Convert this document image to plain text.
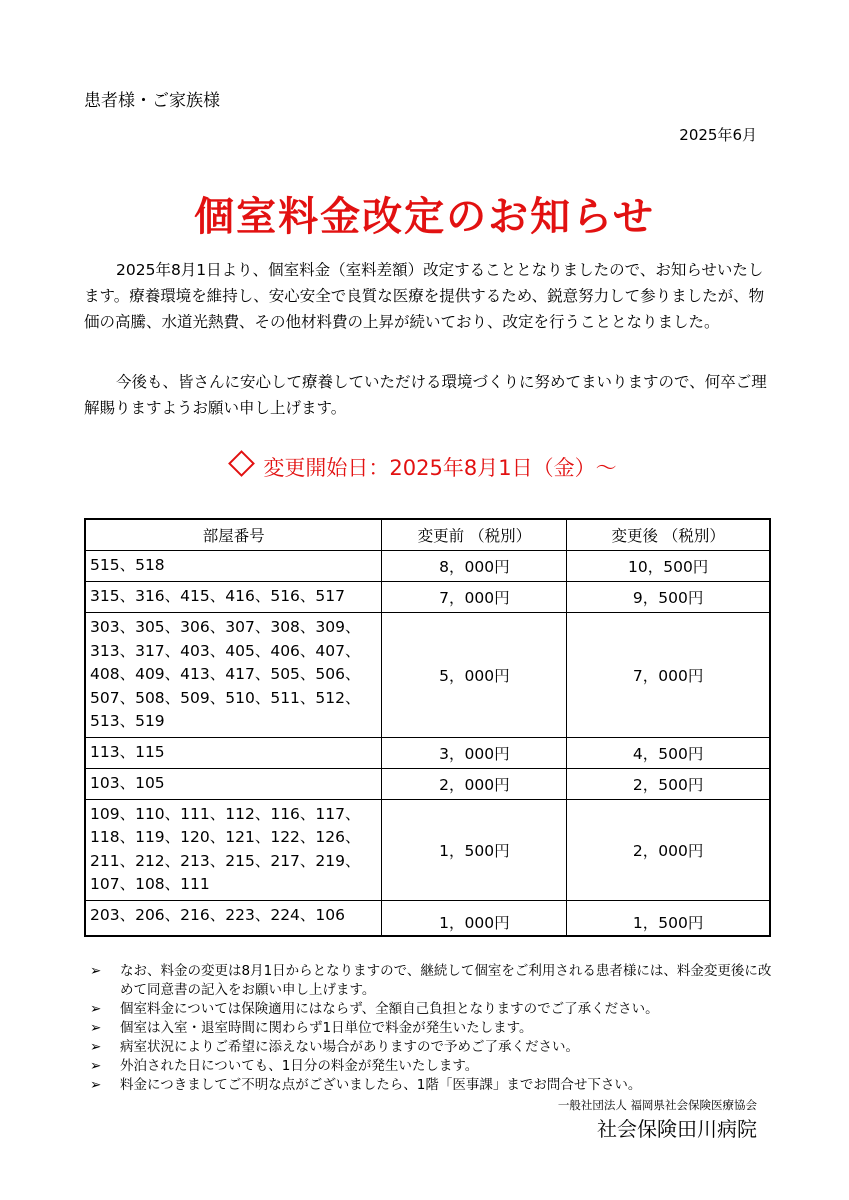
患者様・ご家族様
2025年6月
個室料金改定のお知らせ
2025年8月1日より、個室料金（室料差額）改定することとなりましたので、お知らせいたします。療養環境を維持し、安心安全で良質な医療を提供するため、鋭意努力して参りましたが、物価の高騰、水道光熱費、その他材料費の上昇が続いており、改定を行うこととなりました。
今後も、皆さんに安心して療養していただける環境づくりに努めてまいりますので、何卒ご理解賜りますようお願い申し上げます。
変更開始日：2025年8月1日（金）～
部屋番号	変更前 （税別）	変更後 （税別）
515、518	8，000円	10，500円
315、316、415、416、516、517	7，000円	9，500円
303、305、306、307、308、309、313、317、403、405、406、407、408、409、413、417、505、506、507、508、509、510、511、512、513、519	5，000円	7，000円
113、115	3，000円	4，500円
103、105	2，000円	2，500円
109、110、111、112、116、117、118、119、120、121、122、126、211、212、213、215、217、219、107、108、111	1，500円	2，000円
203、206、216、223、224、106	1，000円	1，500円
➢ なお、料金の変更は8月1日からとなりますので、継続して個室をご利用される患者様には、料金変更後に改めて同意書の記入をお願い申し上げます。
➢ 個室料金については保険適用にはならず、全額自己負担となりますのでご了承ください。
➢ 個室は入室・退室時間に関わらず1日単位で料金が発生いたします。
➢ 病室状況によりご希望に添えない場合がありますので予めご了承ください。
➢ 外泊された日についても、1日分の料金が発生いたします。
➢ 料金につきましてご不明な点がございましたら、1階「医事課」までお問合せ下さい。
一般社団法人 福岡県社会保険医療協会
社会保険田川病院
